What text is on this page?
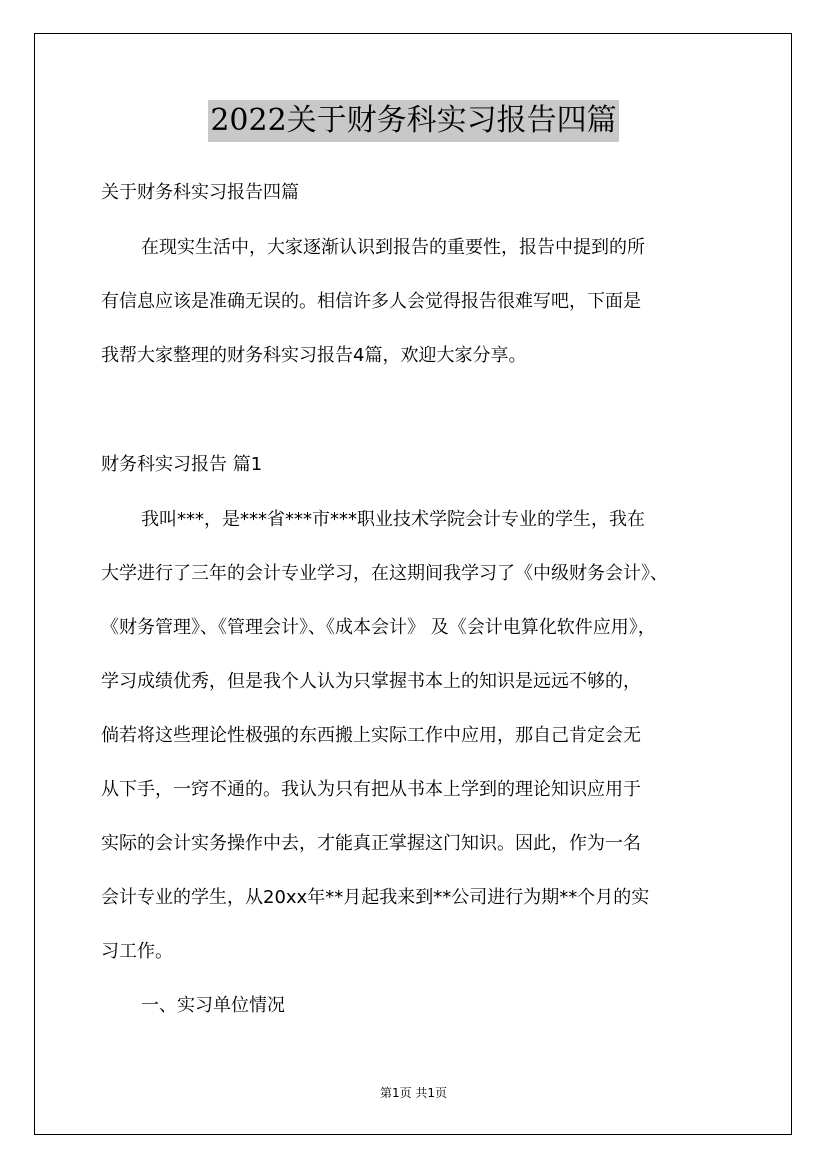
2022关于财务科实习报告四篇
关于财务科实习报告四篇
在现实生活中，大家逐渐认识到报告的重要性，报告中提到的所
有信息应该是准确无误的。相信许多人会觉得报告很难写吧，下面是
我帮大家整理的财务科实习报告4篇，欢迎大家分享。
财务科实习报告 篇1
我叫***，是***省***市***职业技术学院会计专业的学生，我在
大学进行了三年的会计专业学习，在这期间我学习了《中级财务会计》、
《财务管理》、《管理会计》、《成本会计》 及《会计电算化软件应用》，
学习成绩优秀，但是我个人认为只掌握书本上的知识是远远不够的，
倘若将这些理论性极强的东西搬上实际工作中应用，那自己肯定会无
从下手，一窍不通的。我认为只有把从书本上学到的理论知识应用于
实际的会计实务操作中去，才能真正掌握这门知识。因此，作为一名
会计专业的学生，从20xx年**月起我来到**公司进行为期**个月的实
习工作。
一、实习单位情况
第1页 共1页
